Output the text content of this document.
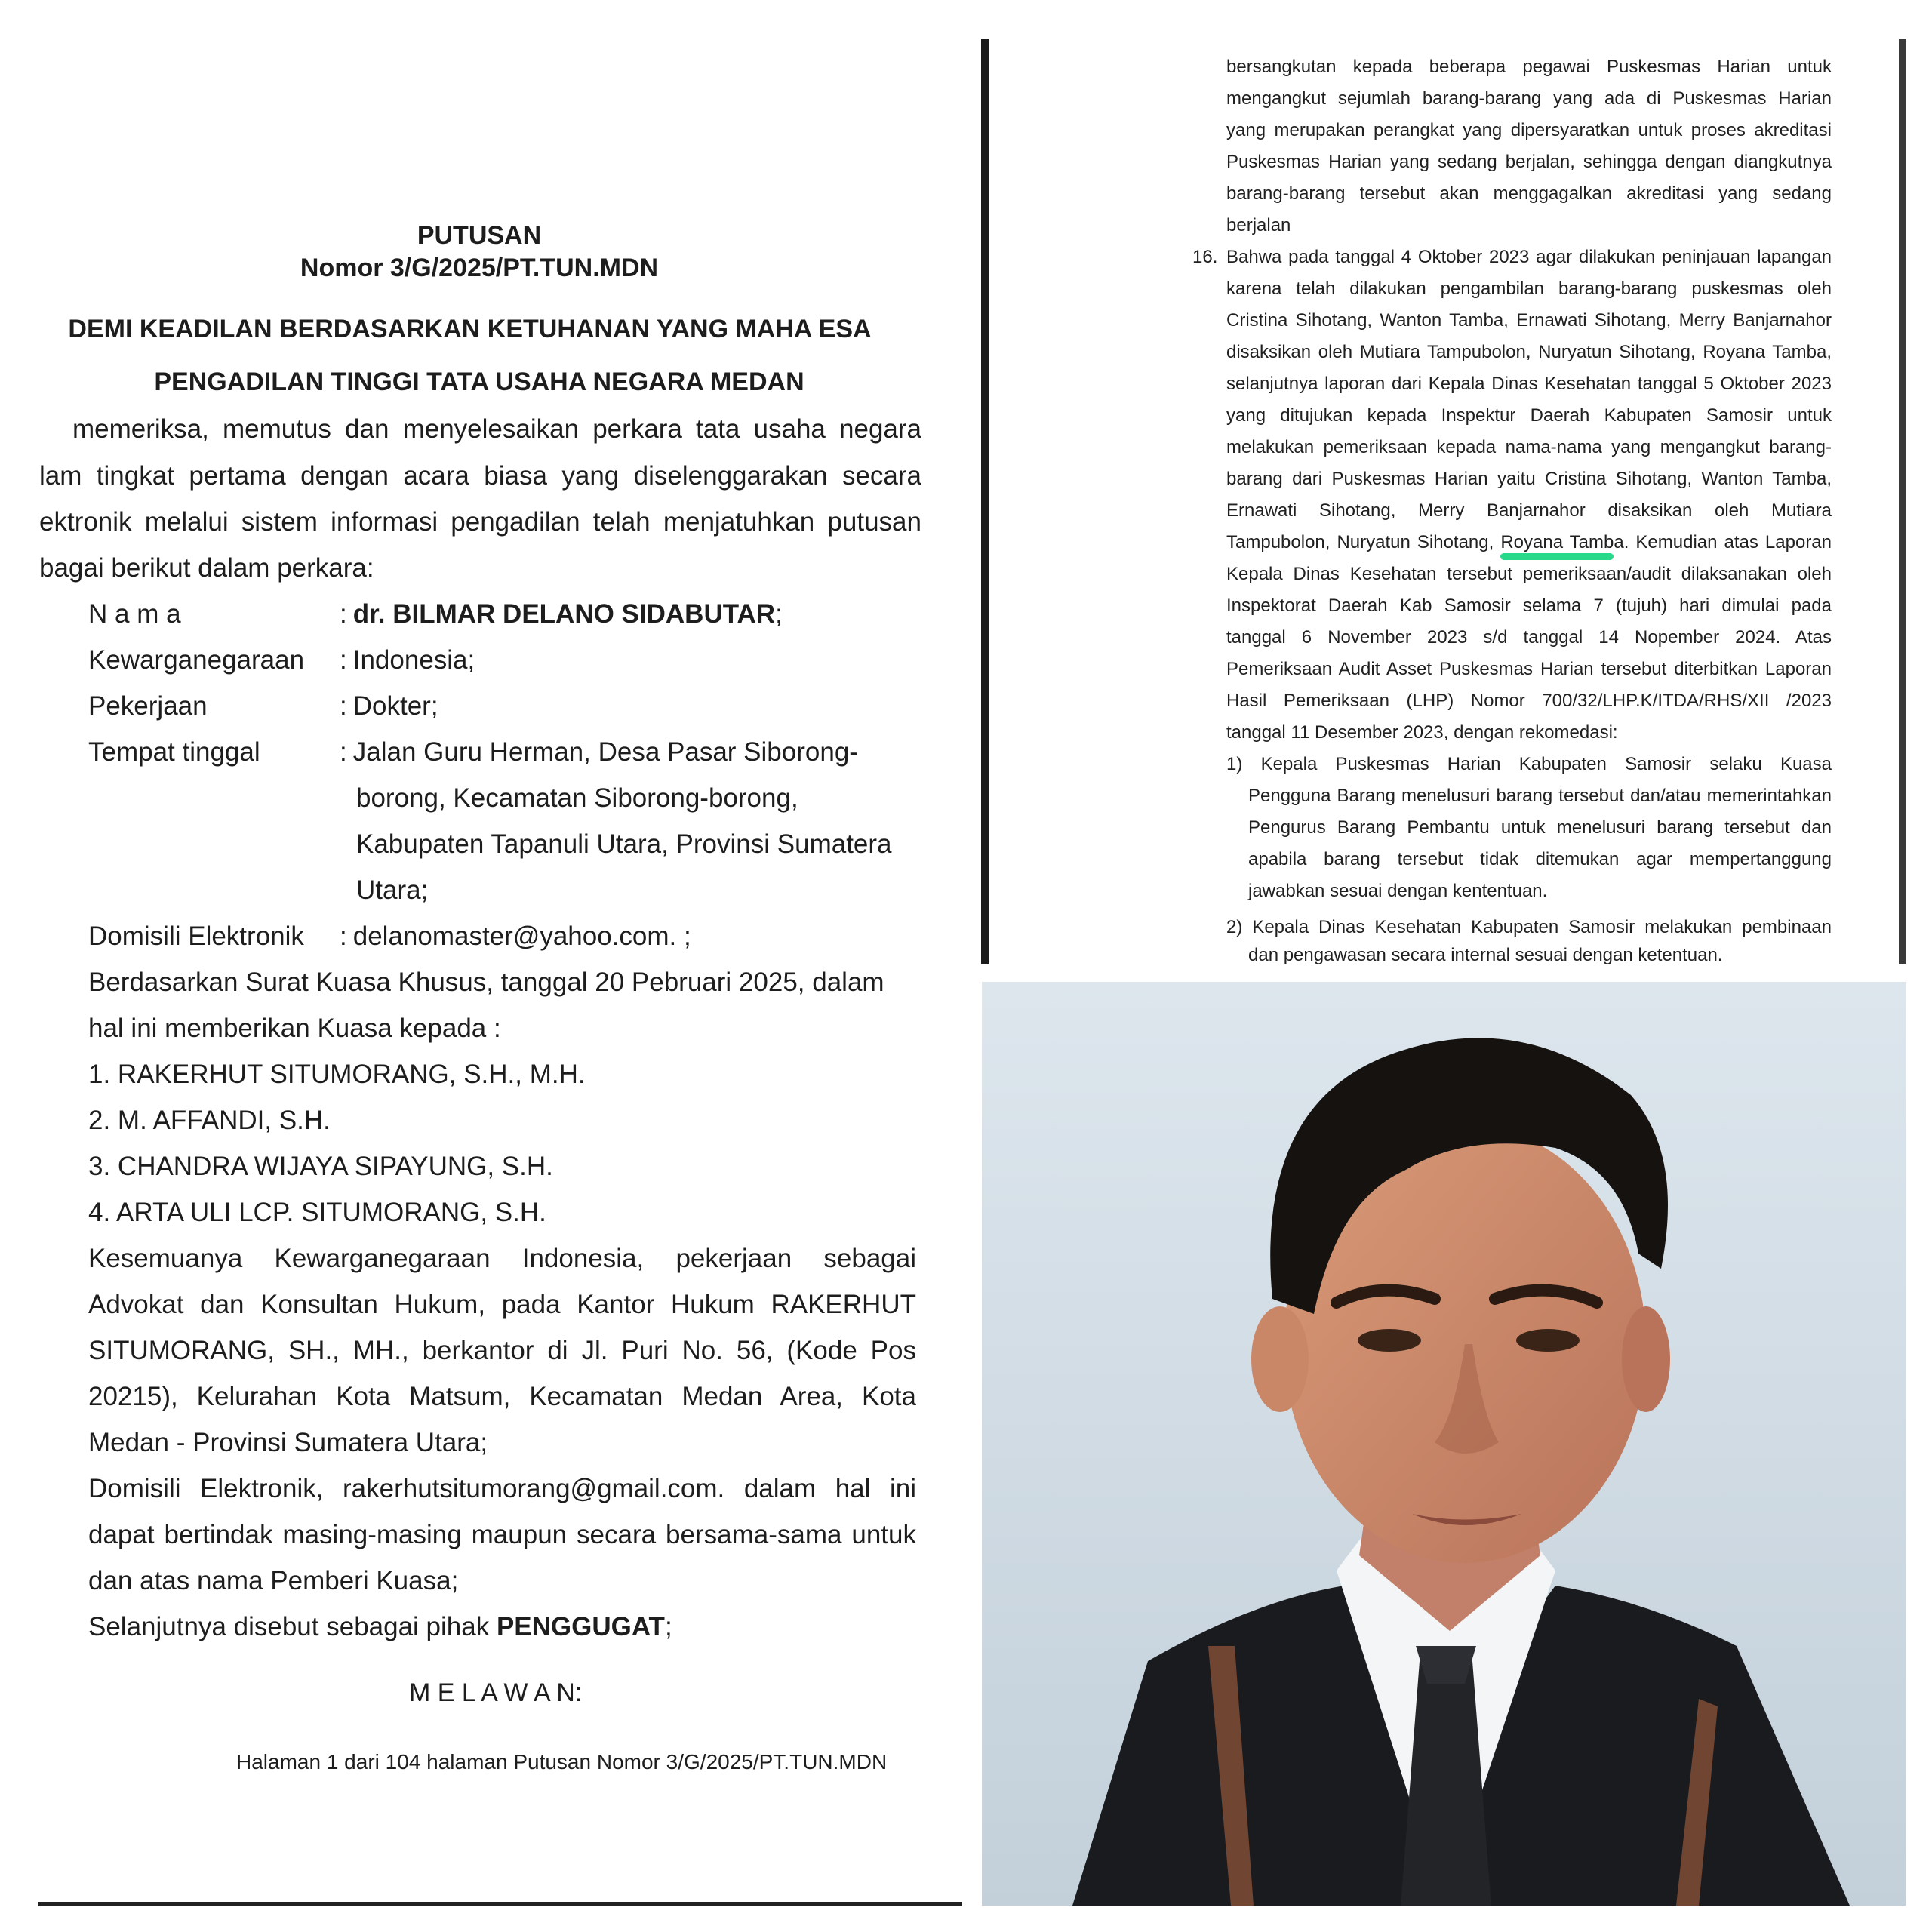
PUTUSAN
Nomor 3/G/2025/PT.TUN.MDN
DEMI KEADILAN BERDASARKAN KETUHANAN YANG MAHA ESA
PENGADILAN TINGGI TATA USAHA NEGARA MEDAN
memeriksa, memutus dan menyelesaikan perkara tata usaha negara
lam tingkat pertama dengan acara biasa yang diselenggarakan secara
ektronik melalui sistem informasi pengadilan telah menjatuhkan putusan
bagai berikut dalam perkara:
N a m a	: dr. BILMAR DELANO SIDABUTAR;
Kewarganegaraan : Indonesia;
Pekerjaan	: Dokter;
Tempat tinggal	: Jalan Guru Herman, Desa Pasar Siborong-
borong, Kecamatan Siborong-borong,
Kabupaten Tapanuli Utara, Provinsi Sumatera
Utara;
Domisili Elektronik : delanomaster@yahoo.com. ;
Berdasarkan Surat Kuasa Khusus, tanggal 20 Pebruari 2025, dalam
hal ini memberikan Kuasa kepada :
1. RAKERHUT SITUMORANG, S.H., M.H.
2. M. AFFANDI, S.H.
3. CHANDRA WIJAYA SIPAYUNG, S.H.
4. ARTA ULI LCP. SITUMORANG, S.H.
Kesemuanya Kewarganegaraan Indonesia, pekerjaan sebagai
Advokat dan Konsultan Hukum, pada Kantor Hukum RAKERHUT
SITUMORANG, SH., MH., berkantor di Jl. Puri No. 56, (Kode Pos
20215), Kelurahan Kota Matsum, Kecamatan Medan Area, Kota
Medan - Provinsi Sumatera Utara;
Domisili Elektronik, rakerhutsitumorang@gmail.com. dalam hal ini
dapat bertindak masing-masing maupun secara bersama-sama untuk
dan atas nama Pemberi Kuasa;
Selanjutnya disebut sebagai pihak PENGGUGAT;
M E L A W A N:
Halaman 1 dari 104 halaman Putusan Nomor 3/G/2025/PT.TUN.MDN
bersangkutan kepada beberapa pegawai Puskesmas Harian untuk
mengangkut sejumlah barang-barang yang ada di Puskesmas Harian
yang merupakan perangkat yang dipersyaratkan untuk proses akreditasi
Puskesmas Harian yang sedang berjalan, sehingga dengan diangkutnya
barang-barang tersebut akan menggagalkan akreditasi yang sedang
berjalan
16. Bahwa pada tanggal 4 Oktober 2023 agar dilakukan peninjauan lapangan
karena telah dilakukan pengambilan barang-barang puskesmas oleh
Cristina Sihotang, Wanton Tamba, Ernawati Sihotang, Merry Banjarnahor
disaksikan oleh Mutiara Tampubolon, Nuryatun Sihotang, Royana Tamba,
selanjutnya laporan dari Kepala Dinas Kesehatan tanggal 5 Oktober 2023
yang ditujukan kepada Inspektur Daerah Kabupaten Samosir untuk
melakukan pemeriksaan kepada nama-nama yang mengangkut barang-
barang dari Puskesmas Harian yaitu Cristina Sihotang, Wanton Tamba,
Ernawati Sihotang, Merry Banjarnahor disaksikan oleh Mutiara
Tampubolon, Nuryatun Sihotang, Royana Tamba. Kemudian atas Laporan
Kepala Dinas Kesehatan tersebut pemeriksaan/audit dilaksanakan oleh
Inspektorat Daerah Kab Samosir selama 7 (tujuh) hari dimulai pada
tanggal 6 November 2023 s/d tanggal 14 Nopember 2024. Atas
Pemeriksaan Audit Asset Puskesmas Harian tersebut diterbitkan Laporan
Hasil Pemeriksaan (LHP) Nomor 700/32/LHP.K/ITDA/RHS/XII /2023
tanggal 11 Desember 2023, dengan rekomedasi:
1) Kepala Puskesmas Harian Kabupaten Samosir selaku Kuasa
Pengguna Barang menelusuri barang tersebut dan/atau memerintahkan
Pengurus Barang Pembantu untuk menelusuri barang tersebut dan
apabila barang tersebut tidak ditemukan agar mempertanggung
jawabkan sesuai dengan kententuan.
2) Kepala Dinas Kesehatan Kabupaten Samosir melakukan pembinaan
dan pengawasan secara internal sesuai dengan ketentuan.
